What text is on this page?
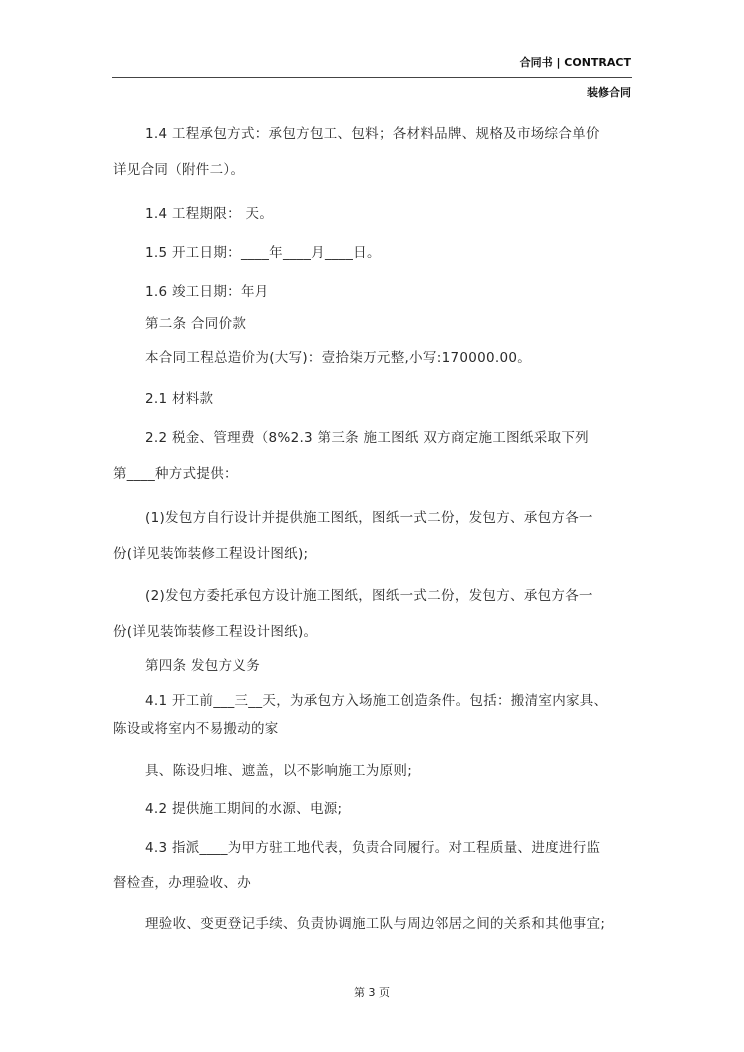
合同书 | CONTRACT
装修合同
1.4 工程承包方式：承包方包工、包料；各材料品牌、规格及市场综合单价
详见合同（附件二）。
1.4 工程期限： 天。
1.5 开工日期：____年____月____日。
1.6 竣工日期：年月
第二条 合同价款
本合同工程总造价为(大写)：壹拾柒万元整,小写:170000.00。
2.1 材料款
2.2 税金、管理费（8%2.3 第三条 施工图纸 双方商定施工图纸采取下列
第____种方式提供：
(1)发包方自行设计并提供施工图纸，图纸一式二份，发包方、承包方各一
份(详见装饰装修工程设计图纸);
(2)发包方委托承包方设计施工图纸，图纸一式二份，发包方、承包方各一
份(详见装饰装修工程设计图纸)。
第四条 发包方义务
4.1 开工前___三__天，为承包方入场施工创造条件。包括：搬清室内家具、
陈设或将室内不易搬动的家
具、陈设归堆、遮盖，以不影响施工为原则;
4.2 提供施工期间的水源、电源;
4.3 指派____为甲方驻工地代表，负责合同履行。对工程质量、进度进行监
督检查，办理验收、办
理验收、变更登记手续、负责协调施工队与周边邻居之间的关系和其他事宜;
第 3 页
